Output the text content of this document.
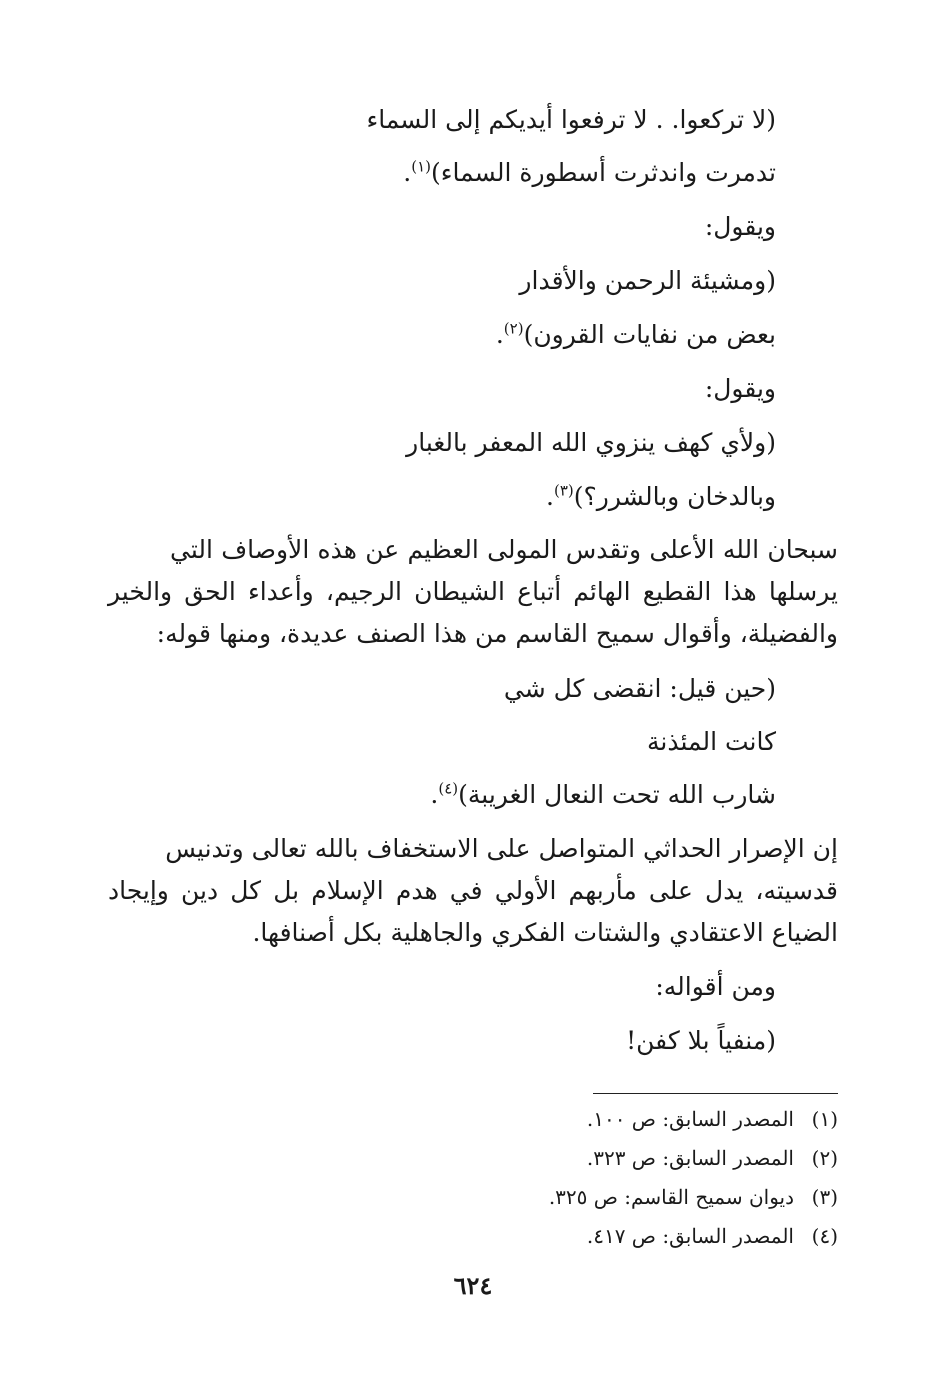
(لا تركعوا. . لا ترفعوا أيديكم إلى السماء
تدمرت واندثرت أسطورة السماء)$^{(١)}$.
ويقول:
(ومشيئة الرحمن والأقدار
بعض من نفايات القرون)$^{(٢)}$.
ويقول:
(ولأي كهف ينزوي الله المعفر بالغبار
وبالدخان وبالشرر؟)$^{(٣)}$.
سبحان الله الأعلى وتقدس المولى العظيم عن هذه الأوصاف التي
يرسلها هذا القطيع الهائم أتباع الشيطان الرجيم، وأعداء الحق والخير
والفضيلة، وأقوال سميح القاسم من هذا الصنف عديدة، ومنها قوله:
(حين قيل: انقضى كل شي
كانت المئذنة
شارب الله تحت النعال الغريبة)$^{(٤)}$.
إن الإصرار الحداثي المتواصل على الاستخفاف بالله تعالى وتدنيس
قدسيته، يدل على مأربهم الأولي في هدم الإسلام بل كل دين وإيجاد
الضياع الاعتقادي والشتات الفكري والجاهلية بكل أصنافها.
ومن أقواله:
(منفياً بلا كفن!
(١)المصدر السابق: ص ١٠٠.
(٢)المصدر السابق: ص ٣٢٣.
(٣)ديوان سميح القاسم: ص ٣٢٥.
(٤)المصدر السابق: ص ٤١٧.
٦٢٤
